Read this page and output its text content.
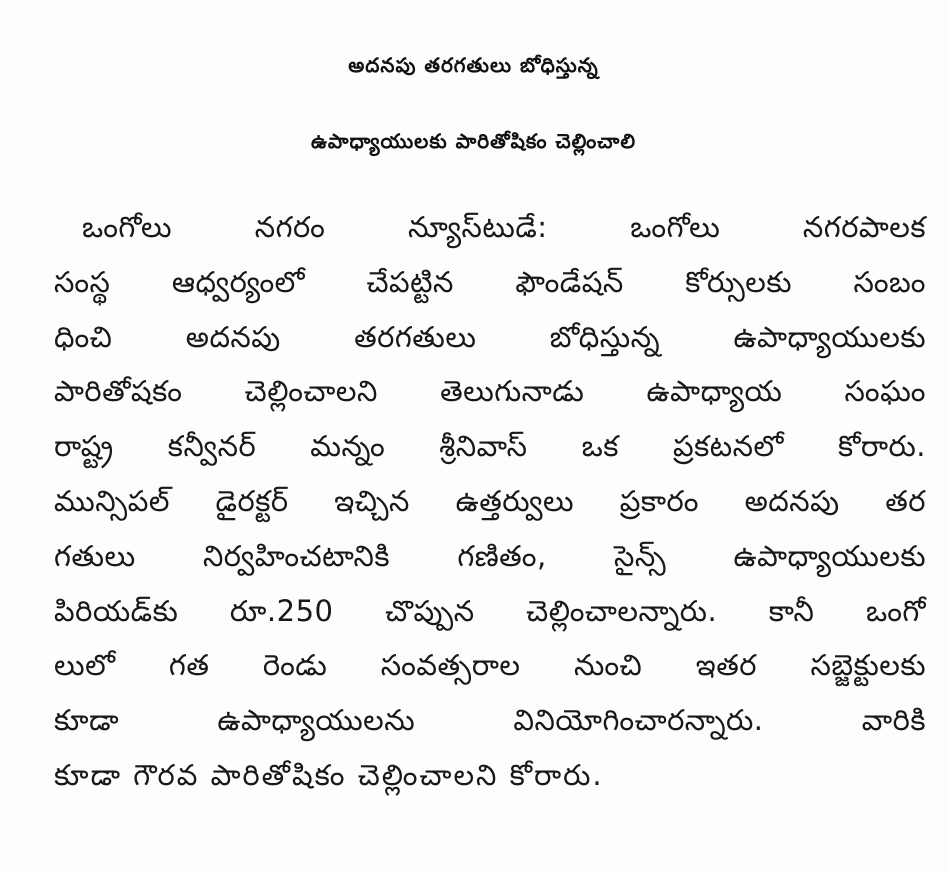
అదనపు తరగతులు బోధిస్తున్న
ఉపాధ్యాయులకు పారితోషికం చెల్లించాలి
ఒంగోలు నగరం న్యూస్‌టుడే: ఒంగోలు నగరపాలక
సంస్థ ఆధ్వర్యంలో చేపట్టిన ఫౌండేషన్ కోర్సులకు సంబం
ధించి అదనపు తరగతులు బోధిస్తున్న ఉపాధ్యాయులకు
పారితోషకం చెల్లించాలని తెలుగునాడు ఉపాధ్యాయ సంఘం
రాష్ట్ర కన్వీనర్ మన్నం శ్రీనివాస్ ఒక ప్రకటనలో కోరారు.
మున్సిపల్ డైరక్టర్ ఇచ్చిన ఉత్తర్వులు ప్రకారం అదనపు తర
గతులు నిర్వహించటానికి గణితం, సైన్స్ ఉపాధ్యాయులకు
పిరియడ్‌కు రూ.250 చొప్పున చెల్లించాలన్నారు. కానీ ఒంగో
లులో గత రెండు సంవత్సరాల నుంచి ఇతర సబ్జెక్టులకు
కూడా ఉపాధ్యాయులను వినియోగించారన్నారు. వారికి
కూడా గౌరవ పారితోషికం చెల్లించాలని కోరారు.
